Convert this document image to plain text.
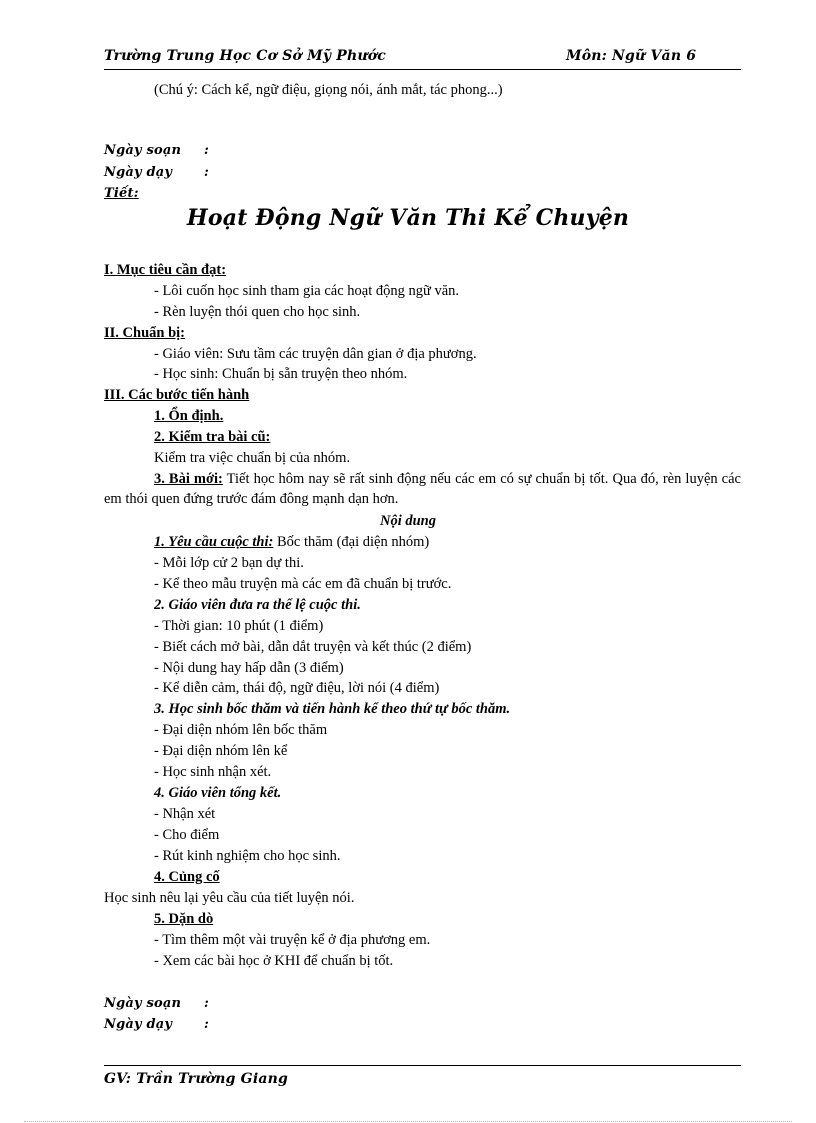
Trường Trung Học Cơ Sở Mỹ Phước	Môn: Ngữ Văn 6
(Chú ý: Cách kể, ngữ điệu, giọng nói, ánh mắt, tác phong...)
Ngày soạn :
Ngày dạy :
Tiết:
Hoạt Động Ngữ Văn Thi Kể Chuyện
I. Mục tiêu cần đạt:
- Lôi cuốn học sinh tham gia các hoạt động ngữ văn.
- Rèn luyện thói quen cho học sinh.
II. Chuẩn bị:
- Giáo viên: Sưu tầm các truyện dân gian ở địa phương.
- Học sinh: Chuẩn bị sẵn truyện theo nhóm.
III. Các bước tiến hành
1. Ổn định.
2. Kiểm tra bài cũ:
Kiểm tra việc chuẩn bị của nhóm.
3. Bài mới: Tiết học hôm nay sẽ rất sinh động nếu các em có sự chuẩn bị tốt. Qua đó, rèn luyện các em thói quen đứng trước đám đông mạnh dạn hơn.
Nội dung
1. Yêu cầu cuộc thi: Bốc thăm (đại diện nhóm)
- Mỗi lớp cử 2 bạn dự thi.
- Kể theo mẫu truyện mà các em đã chuẩn bị trước.
2. Giáo viên đưa ra thể lệ cuộc thi.
- Thời gian: 10 phút (1 điểm)
- Biết cách mở bài, dẫn dắt truyện và kết thúc (2 điểm)
- Nội dung hay hấp dẫn (3 điểm)
- Kể diễn cảm, thái độ, ngữ điệu, lời nói (4 điểm)
3. Học sinh bốc thăm và tiến hành kể theo thứ tự bốc thăm.
- Đại diện nhóm lên bốc thăm
- Đại diện nhóm lên kể
- Học sinh nhận xét.
4. Giáo viên tổng kết.
- Nhận xét
- Cho điểm
- Rút kinh nghiệm cho học sinh.
4. Củng cố
Học sinh nêu lại yêu cầu của tiết luyện nói.
5. Dặn dò
- Tìm thêm một vài truyện kể ở địa phương em.
- Xem các bài học ở KHI để chuẩn bị tốt.
Ngày soạn :
Ngày dạy :
GV: Trần Trường Giang
